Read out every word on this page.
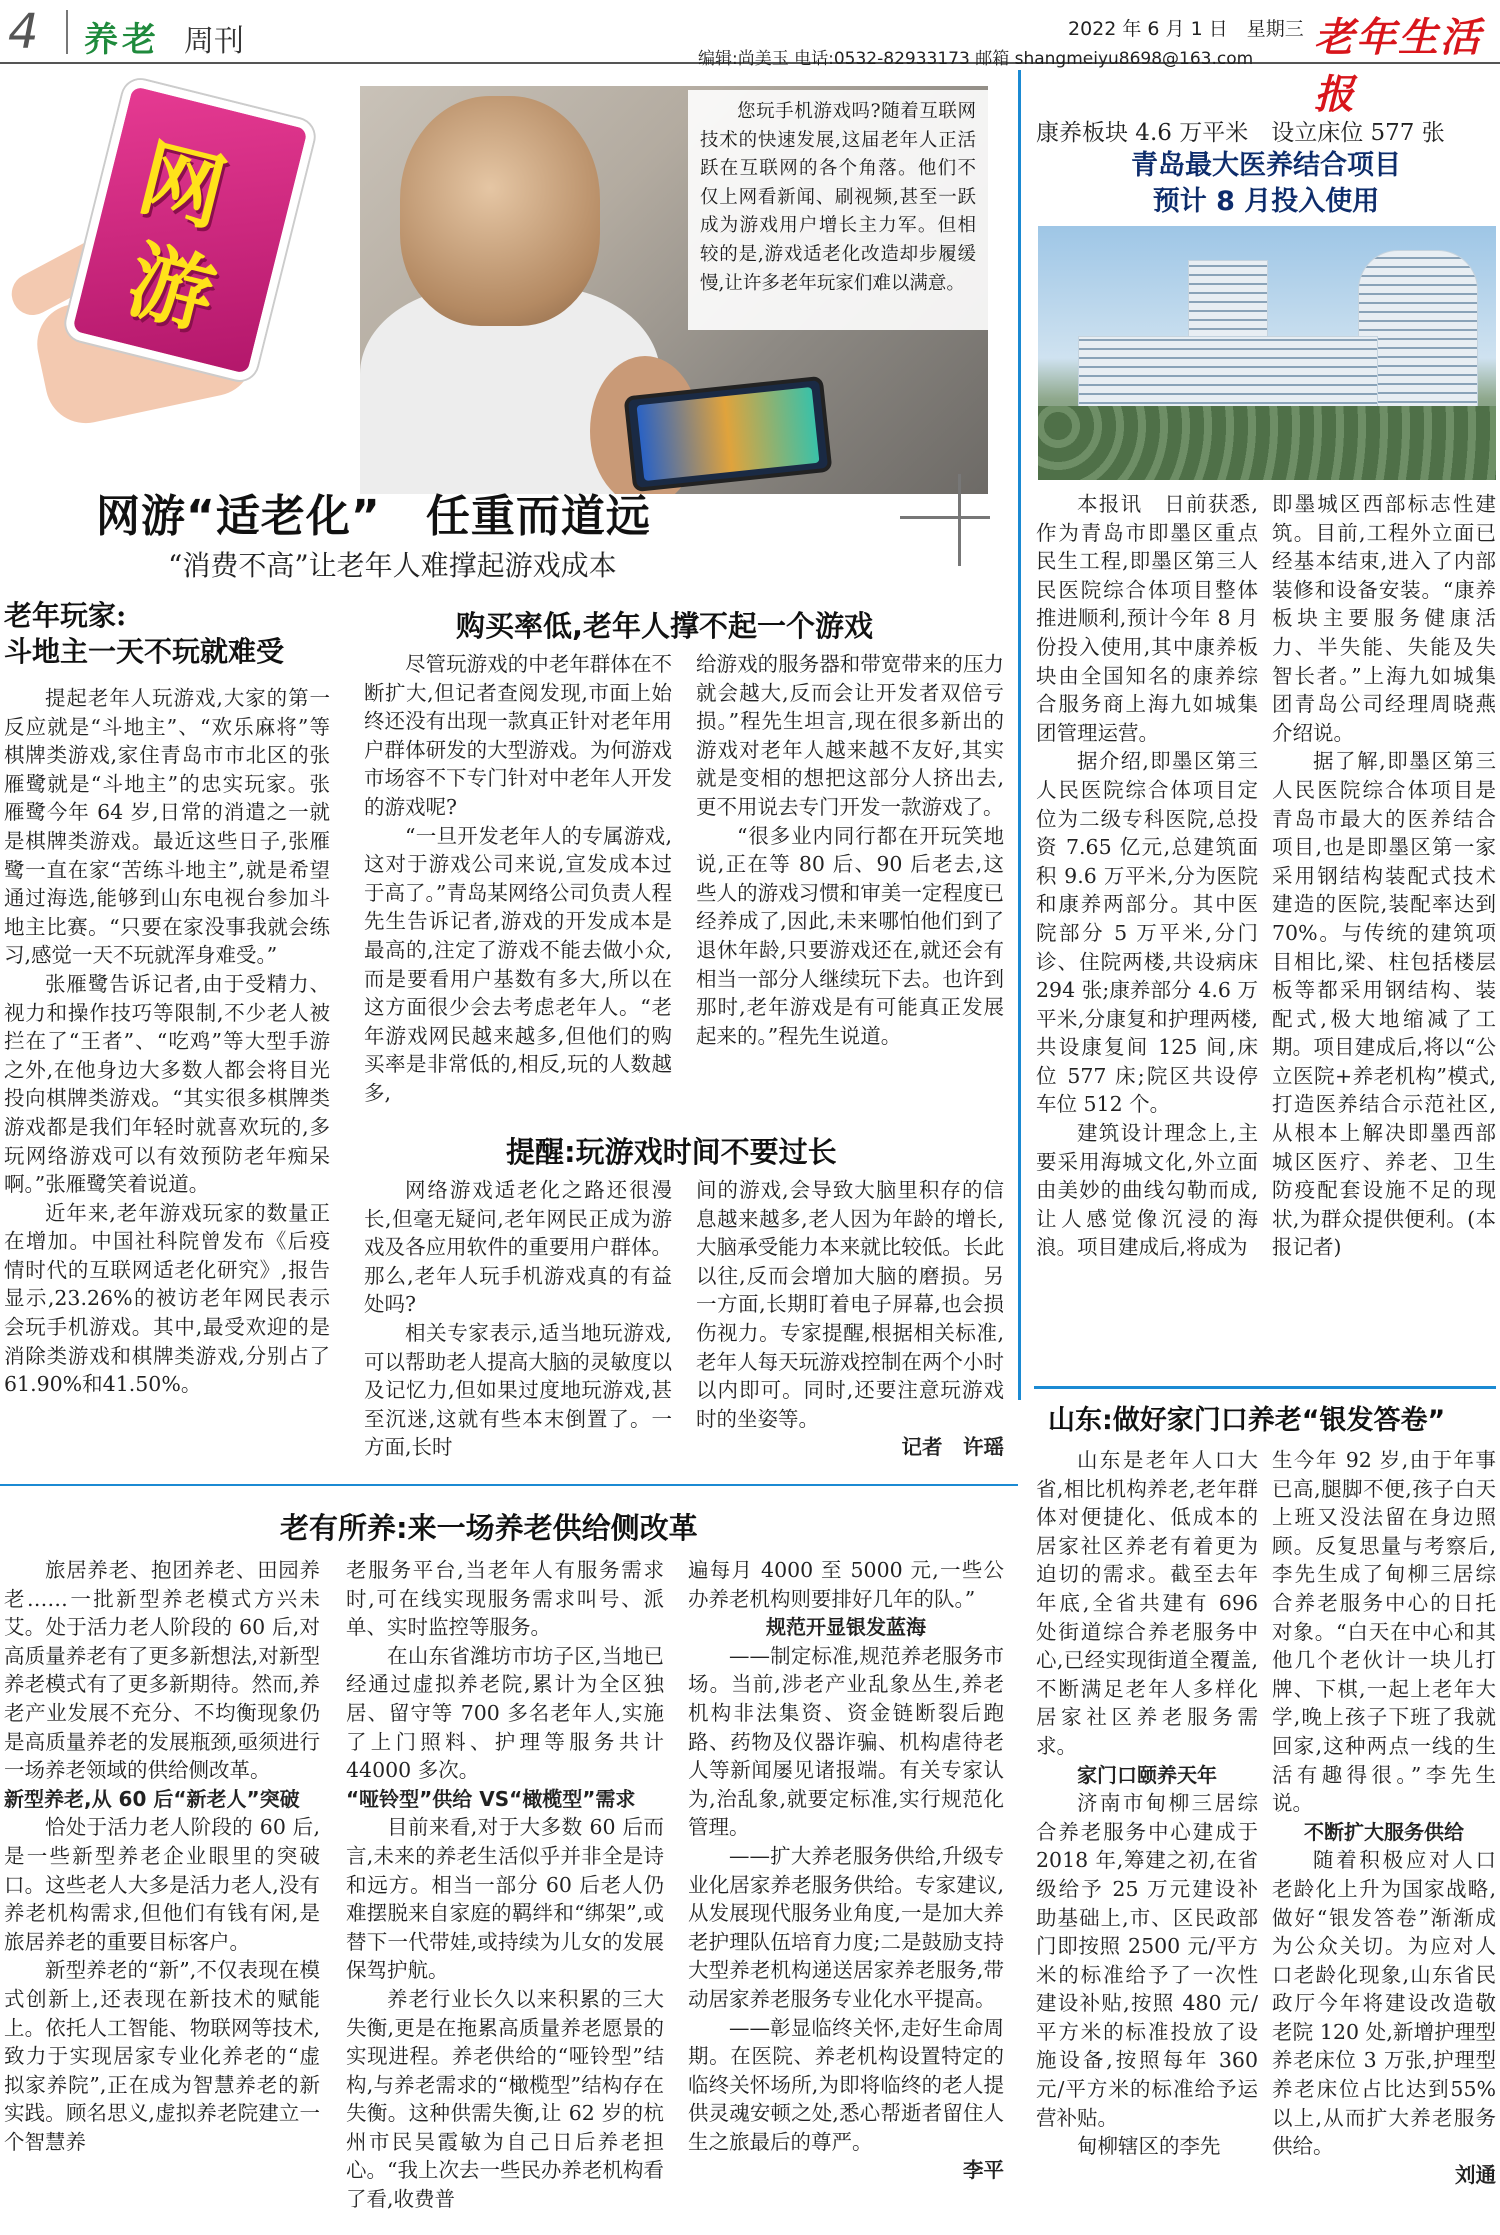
4 养老 周刊	2022 年 6 月 1 日　星期三
编辑:尚美玉 电话:0532-82933173 邮箱 shangmeiyu8698@163.com 老年生活报
网
游
您玩手机游戏吗?随着互联网技术的快速发展,这届老年人正活跃在互联网的各个角落。他们不仅上网看新闻、刷视频,甚至一跃成为游戏用户增长主力军。但相较的是,游戏适老化改造却步履缓慢,让许多老年玩家们难以满意。
网游“适老化”　任重而道远
“消费不高”让老年人难撑起游戏成本
老年玩家:
斗地主一天不玩就难受

提起老年人玩游戏,大家的第一反应就是“斗地主”、“欢乐麻将”等棋牌类游戏,家住青岛市市北区的张雁鹭就是“斗地主”的忠实玩家。张雁鹭今年 64 岁,日常的消遣之一就是棋牌类游戏。最近这些日子,张雁鹭一直在家“苦练斗地主”,就是希望通过海选,能够到山东电视台参加斗地主比赛。“只要在家没事我就会练习,感觉一天不玩就浑身难受。”

张雁鹭告诉记者,由于受精力、视力和操作技巧等限制,不少老人被拦在了“王者”、“吃鸡”等大型手游之外,在他身边大多数人都会将目光投向棋牌类游戏。“其实很多棋牌类游戏都是我们年轻时就喜欢玩的,多玩网络游戏可以有效预防老年痴呆啊。”张雁鹭笑着说道。

近年来,老年游戏玩家的数量正在增加。中国社科院曾发布《后疫情时代的互联网适老化研究》,报告显示,23.26%的被访老年网民表示会玩手机游戏。其中,最受欢迎的是消除类游戏和棋牌类游戏,分别占了61.90%和41.50%。

购买率低,老年人撑不起一个游戏

尽管玩游戏的中老年群体在不断扩大,但记者查阅发现,市面上始终还没有出现一款真正针对老年用户群体研发的大型游戏。为何游戏市场容不下专门针对中老年人开发的游戏呢?

“一旦开发老年人的专属游戏,这对于游戏公司来说,宣发成本过于高了。”青岛某网络公司负责人程先生告诉记者,游戏的开发成本是最高的,注定了游戏不能去做小众,而是要看用户基数有多大,所以在这方面很少会去考虑老年人。“老年游戏网民越来越多,但他们的购买率是非常低的,相反,玩的人数越多,

给游戏的服务器和带宽带来的压力就会越大,反而会让开发者双倍亏损。”程先生坦言,现在很多新出的游戏对老年人越来越不友好,其实就是变相的想把这部分人挤出去,更不用说去专门开发一款游戏了。

“很多业内同行都在开玩笑地说,正在等 80 后、90 后老去,这些人的游戏习惯和审美一定程度已经养成了,因此,未来哪怕他们到了退休年龄,只要游戏还在,就还会有相当一部分人继续玩下去。也许到那时,老年游戏是有可能真正发展起来的。”程先生说道。

提醒:玩游戏时间不要过长

网络游戏适老化之路还很漫长,但毫无疑问,老年网民正成为游戏及各应用软件的重要用户群体。那么,老年人玩手机游戏真的有益处吗?

相关专家表示,适当地玩游戏,可以帮助老人提高大脑的灵敏度以及记忆力,但如果过度地玩游戏,甚至沉迷,这就有些本末倒置了。一方面,长时

间的游戏,会导致大脑里积存的信息越来越多,老人因为年龄的增长,大脑承受能力本来就比较低。长此以往,反而会增加大脑的磨损。另一方面,长期盯着电子屏幕,也会损伤视力。专家提醒,根据相关标准,老年人每天玩游戏控制在两个小时以内即可。同时,还要注意玩游戏时的坐姿等。

记者　许瑶

康养板块 4.6 万平米　设立床位 577 张
青岛最大医养结合项目
预计 8 月投入使用

本报讯　日前获悉,作为青岛市即墨区重点民生工程,即墨区第三人民医院综合体项目整体推进顺利,预计今年 8 月份投入使用,其中康养板块由全国知名的康养综合服务商上海九如城集团管理运营。

据介绍,即墨区第三人民医院综合体项目定位为二级专科医院,总投资 7.65 亿元,总建筑面积 9.6 万平米,分为医院和康养两部分。其中医院部分 5 万平米,分门诊、住院两楼,共设病床 294 张;康养部分 4.6 万平米,分康复和护理两楼,共设康复间 125 间,床位 577 床;院区共设停车位 512 个。

建筑设计理念上,主要采用海城文化,外立面由美妙的曲线勾勒而成,让人感觉像沉浸的海浪。项目建成后,将成为

即墨城区西部标志性建筑。目前,工程外立面已经基本结束,进入了内部装修和设备安装。“康养板块主要服务健康活力、半失能、失能及失智长者。”上海九如城集团青岛公司经理周晓燕介绍说。

据了解,即墨区第三人民医院综合体项目是青岛市最大的医养结合项目,也是即墨区第一家采用钢结构装配式技术建造的医院,装配率达到70%。与传统的建筑项目相比,梁、柱包括楼层板等都采用钢结构、装配式,极大地缩减了工期。项目建成后,将以“公立医院+养老机构”模式,打造医养结合示范社区,从根本上解决即墨西部城区医疗、养老、卫生防疫配套设施不足的现状,为群众提供便利。(本报记者)

山东:做好家门口养老“银发答卷”

山东是老年人口大省,相比机构养老,老年群体对便捷化、低成本的居家社区养老有着更为迫切的需求。截至去年年底,全省共建有 696 处街道综合养老服务中心,已经实现街道全覆盖,不断满足老年人多样化居家社区养老服务需求。

家门口颐养天年

济南市甸柳三居综合养老服务中心建成于 2018 年,筹建之初,在省级给予 25 万元建设补助基础上,市、区民政部门即按照 2500 元/平方米的标准给予了一次性建设补贴,按照 480 元/平方米的标准投放了设施设备,按照每年 360 元/平方米的标准给予运营补贴。

甸柳辖区的李先

生今年 92 岁,由于年事已高,腿脚不便,孩子白天上班又没法留在身边照顾。反复思量与考察后,李先生成了甸柳三居综合养老服务中心的日托对象。“白天在中心和其他几个老伙计一块儿打牌、下棋,一起上老年大学,晚上孩子下班了我就回家,这种两点一线的生活有趣得很。”李先生说。

不断扩大服务供给

随着积极应对人口老龄化上升为国家战略,做好“银发答卷”渐渐成为公众关切。为应对人口老龄化现象,山东省民政厅今年将建设改造敬老院 120 处,新增护理型养老床位 3 万张,护理型养老床位占比达到55%以上,从而扩大养老服务供给。

刘通

老有所养:来一场养老供给侧改革

旅居养老、抱团养老、田园养老……一批新型养老模式方兴未艾。处于活力老人阶段的 60 后,对高质量养老有了更多新想法,对新型养老模式有了更多新期待。然而,养老产业发展不充分、不均衡现象仍是高质量养老的发展瓶颈,亟须进行一场养老领域的供给侧改革。

新型养老,从 60 后“新老人”突破

恰处于活力老人阶段的 60 后,是一些新型养老企业眼里的突破口。这些老人大多是活力老人,没有养老机构需求,但他们有钱有闲,是旅居养老的重要目标客户。

新型养老的“新”,不仅表现在模式创新上,还表现在新技术的赋能上。依托人工智能、物联网等技术,致力于实现居家专业化养老的“虚拟家养院”,正在成为智慧养老的新实践。顾名思义,虚拟养老院建立一个智慧养

老服务平台,当老年人有服务需求时,可在线实现服务需求叫号、派单、实时监控等服务。

在山东省潍坊市坊子区,当地已经通过虚拟养老院,累计为全区独居、留守等 700 多名老年人,实施了上门照料、护理等服务共计 44000 多次。

“哑铃型”供给 VS“橄榄型”需求

目前来看,对于大多数 60 后而言,未来的养老生活似乎并非全是诗和远方。相当一部分 60 后老人仍难摆脱来自家庭的羁绊和“绑架”,或替下一代带娃,或持续为儿女的发展保驾护航。

养老行业长久以来积累的三大失衡,更是在拖累高质量养老愿景的实现进程。养老供给的“哑铃型”结构,与养老需求的“橄榄型”结构存在失衡。这种供需失衡,让 62 岁的杭州市民吴霞敏为自己日后养老担心。“我上次去一些民办养老机构看了看,收费普

遍每月 4000 至 5000 元,一些公办养老机构则要排好几年的队。”

规范开显银发蓝海

——制定标准,规范养老服务市场。当前,涉老产业乱象丛生,养老机构非法集资、资金链断裂后跑路、药物及仪器诈骗、机构虐待老人等新闻屡见诸报端。有关专家认为,治乱象,就要定标准,实行规范化管理。

——扩大养老服务供给,升级专业化居家养老服务供给。专家建议,从发展现代服务业角度,一是加大养老护理队伍培育力度;二是鼓励支持大型养老机构递送居家养老服务,带动居家养老服务专业化水平提高。

——彰显临终关怀,走好生命周期。在医院、养老机构设置特定的临终关怀场所,为即将临终的老人提供灵魂安顿之处,悉心帮逝者留住人生之旅最后的尊严。

李平
